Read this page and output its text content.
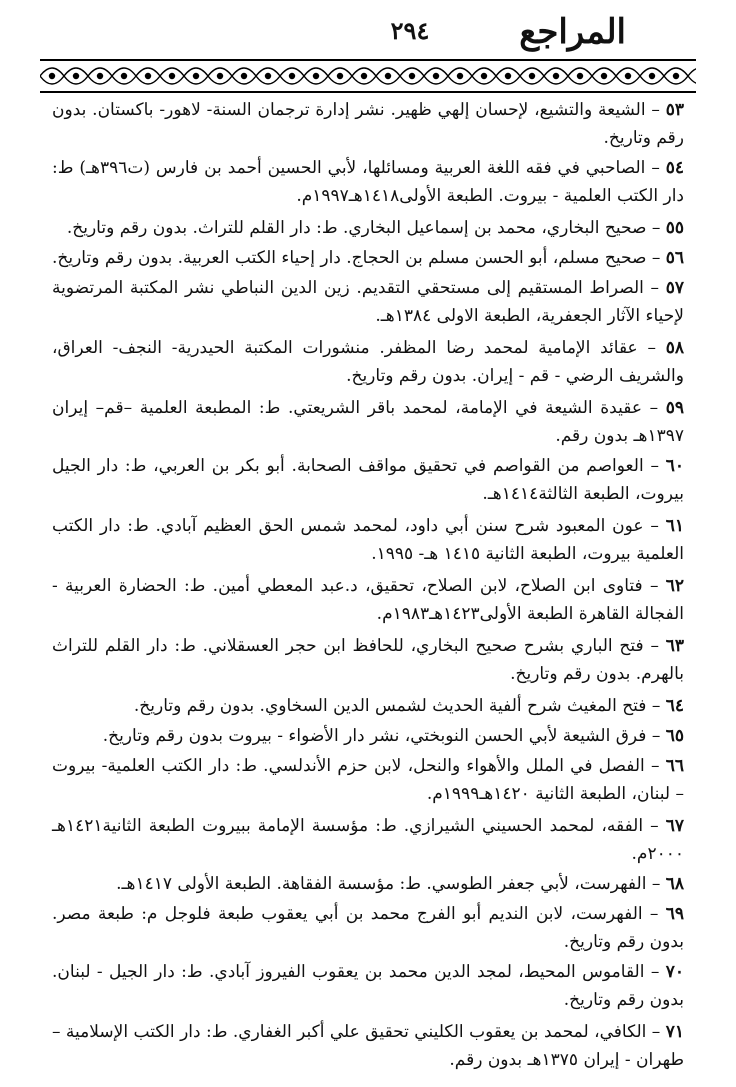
٢٩٤	المراجع

٥٣ – الشيعة والتشيع، لإحسان إلهي ظهير. نشر إدارة ترجمان السنة- لاهور- باكستان. بدون رقم وتاريخ.

٥٤ – الصاحبي في فقه اللغة العربية ومسائلها، لأبي الحسين أحمد بن فارس (ت٣٩٦هـ) ط: دار الكتب العلمية - بيروت. الطبعة الأولى١٤١٨هـ١٩٩٧م.

٥٥ – صحيح البخاري، محمد بن إسماعيل البخاري. ط: دار القلم للتراث. بدون رقم وتاريخ.

٥٦ – صحيح مسلم، أبو الحسن مسلم بن الحجاج. دار إحياء الكتب العربية. بدون رقم وتاريخ.

٥٧ – الصراط المستقيم إلى مستحقي التقديم. زين الدين النباطي نشر المكتبة المرتضوية لإحياء الآثار الجعفرية، الطبعة الاولى ١٣٨٤هـ.

٥٨ – عقائد الإمامية لمحمد رضا المظفر. منشورات المكتبة الحيدرية- النجف- العراق، والشريف الرضي - قم - إيران. بدون رقم وتاريخ.

٥٩ – عقيدة الشيعة في الإمامة، لمحمد باقر الشريعتي. ط: المطبعة العلمية –قم– إيران ١٣٩٧هـ بدون رقم.

٦٠ – العواصم من القواصم في تحقيق مواقف الصحابة. أبو بكر بن العربي، ط: دار الجيل بيروت، الطبعة الثالثة١٤١٤هـ.

٦١ – عون المعبود شرح سنن أبي داود، لمحمد شمس الحق العظيم آبادي. ط: دار الكتب العلمية بيروت، الطبعة الثانية ١٤١٥ هـ- ١٩٩٥.

٦٢ – فتاوى ابن الصلاح، لابن الصلاح، تحقيق، د.عبد المعطي أمين. ط: الحضارة العربية - الفجالة القاهرة الطبعة الأولى١٤٢٣هـ١٩٨٣م.

٦٣ – فتح الباري بشرح صحيح البخاري، للحافظ ابن حجر العسقلاني. ط: دار القلم للتراث بالهرم. بدون رقم وتاريخ.

٦٤ – فتح المغيث شرح ألفية الحديث لشمس الدين السخاوي. بدون رقم وتاريخ.

٦٥ – فرق الشيعة لأبي الحسن النوبختي، نشر دار الأضواء - بيروت بدون رقم وتاريخ.

٦٦ – الفصل في الملل والأهواء والنحل، لابن حزم الأندلسي. ط: دار الكتب العلمية- بيروت – لبنان، الطبعة الثانية ١٤٢٠هـ١٩٩٩م.

٦٧ – الفقه، لمحمد الحسيني الشيرازي. ط: مؤسسة الإمامة ببيروت الطبعة الثانية١٤٢١هـ ٢٠٠٠م.

٦٨ – الفهرست، لأبي جعفر الطوسي. ط: مؤسسة الفقاهة. الطبعة الأولى ١٤١٧هـ.

٦٩ – الفهرست، لابن النديم أبو الفرج محمد بن أبي يعقوب طبعة فلوجل م: طبعة مصر. بدون رقم وتاريخ.

٧٠ – القاموس المحيط، لمجد الدين محمد بن يعقوب الفيروز آبادي. ط: دار الجيل - لبنان. بدون رقم وتاريخ.

٧١ – الكافي، لمحمد بن يعقوب الكليني تحقيق علي أكبر الغفاري. ط: دار الكتب الإسلامية – طهران - إيران ١٣٧٥هـ بدون رقم.
